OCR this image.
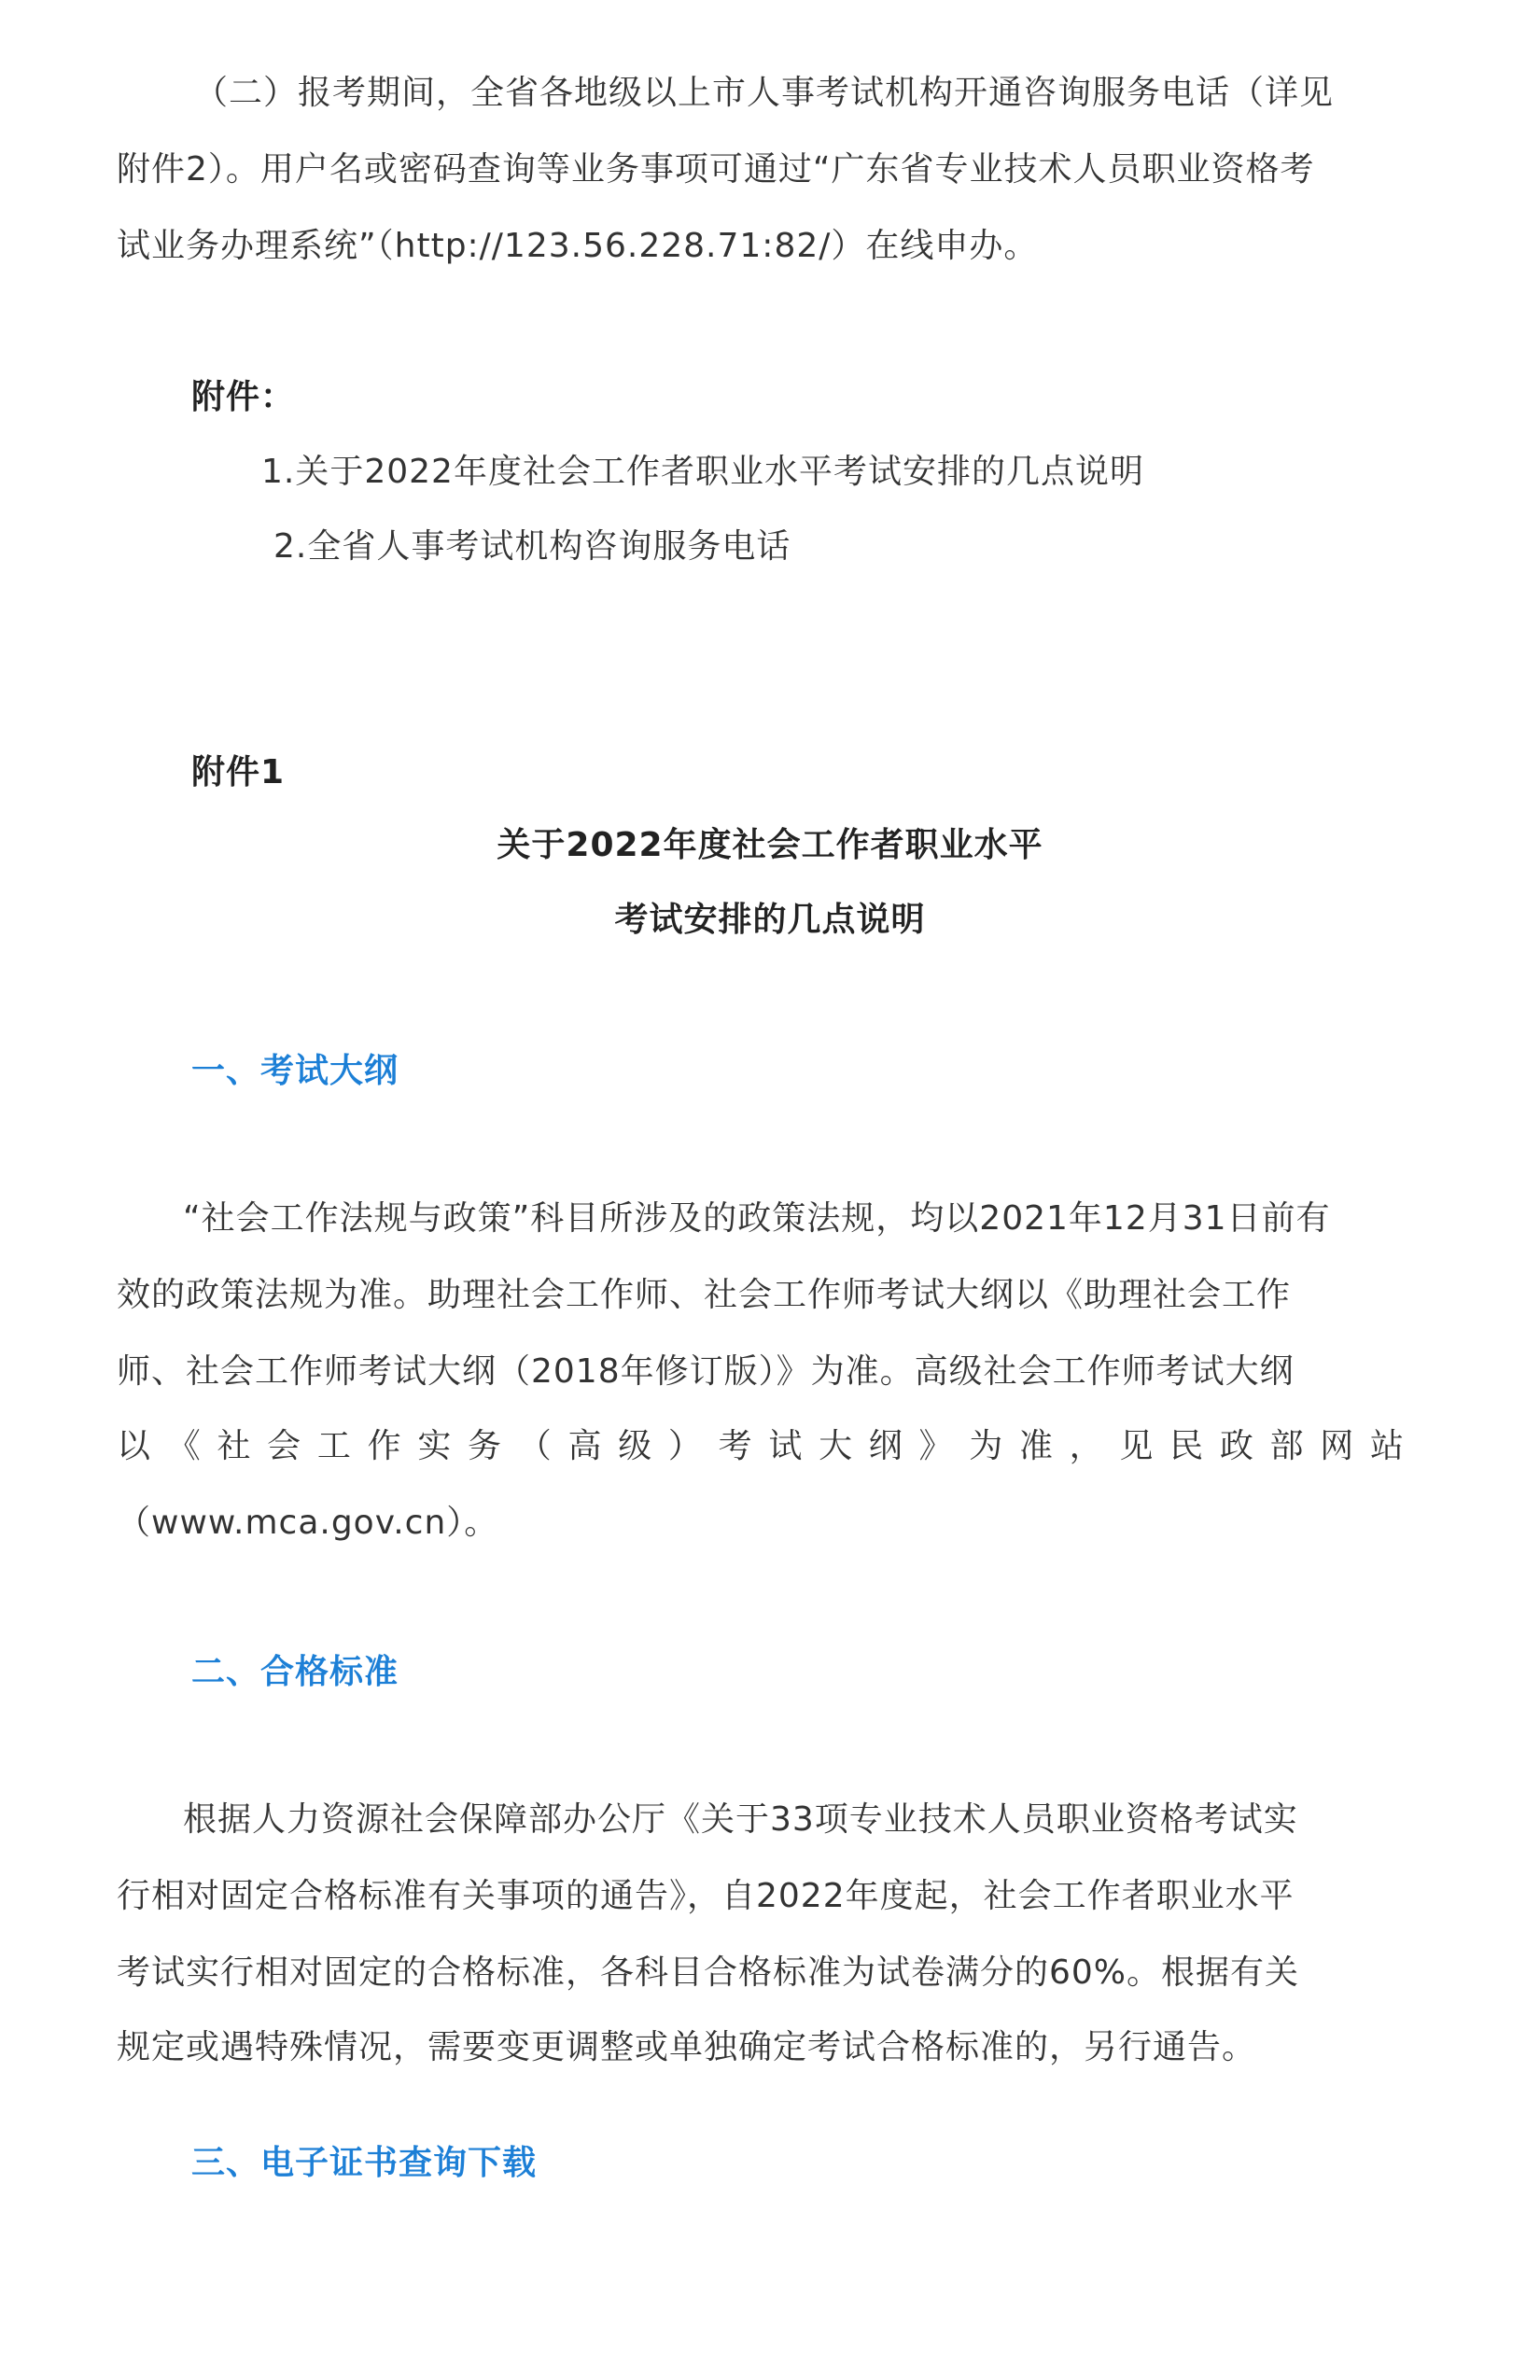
（二）报考期间，全省各地级以上市人事考试机构开通咨询服务电话（详见
附件2）。用户名或密码查询等业务事项可通过“广东省专业技术人员职业资格考
试业务办理系统”（http://123.56.228.71:82/）在线申办。
附件：
1.关于2022年度社会工作者职业水平考试安排的几点说明
2.全省人事考试机构咨询服务电话
附件1
关于2022年度社会工作者职业水平
考试安排的几点说明
一、考试大纲
“社会工作法规与政策”科目所涉及的政策法规，均以2021年12月31日前有
效的政策法规为准。助理社会工作师、社会工作师考试大纲以《助理社会工作
师、社会工作师考试大纲（2018年修订版）》为准。高级社会工作师考试大纲
以《社会工作实务（高级）考试大纲》为准，见民政部网站
（www.mca.gov.cn）。
二、合格标准
根据人力资源社会保障部办公厅《关于33项专业技术人员职业资格考试实
行相对固定合格标准有关事项的通告》，自2022年度起，社会工作者职业水平
考试实行相对固定的合格标准，各科目合格标准为试卷满分的60%。根据有关
规定或遇特殊情况，需要变更调整或单独确定考试合格标准的，另行通告。
三、电子证书查询下载
